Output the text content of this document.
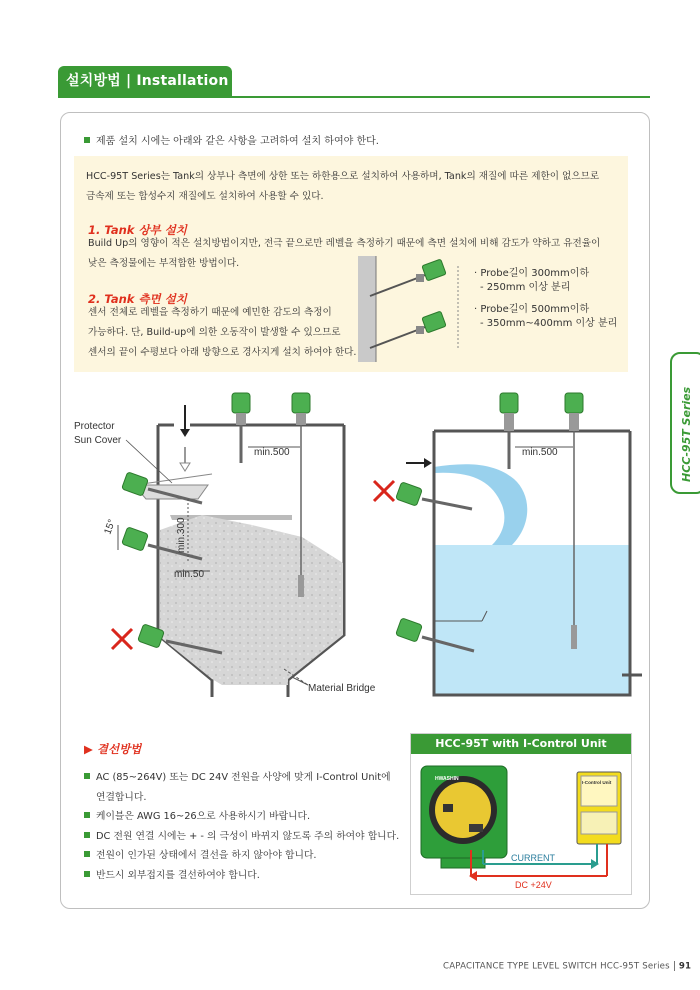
설치방법 | Installation
HCC-95T Series
제품 설치 시에는 아래와 같은 사항을 고려하여 설치 하여야 한다.
HCC-95T Series는 Tank의 상부나 측면에 상한 또는 하한용으로 설치하여 사용하며, Tank의 재질에 따른 제한이 없으므로
금속제 또는 합성수지 재질에도 설치하여 사용할 수 있다.
1. Tank 상부 설치
Build Up의 영향이 적은 설치방법이지만, 전극 끝으로만 레벨을 측정하기 때문에 측면 설치에 비해 감도가 약하고 유전율이
낮은 측정물에는 부적합한 방법이다.
2. Tank 측면 설치
센서 전체로 레벨을 측정하기 때문에 예민한 감도의 측정이
가능하다. 단, Build-up에 의한 오동작이 발생할 수 있으므로
센서의 끝이 수평보다 아래 방향으로 경사지게 설치 하여야 한다.
· Probe길이 300mm이하
- 250mm 이상 분리
· Probe길이 500mm이하
- 350mm~400mm 이상 분리
Protector
Sun Cover
min.500	min.500
min.300
min.50
15°
Material Bridge
▶ 결선방법
AC (85~264V) 또는 DC 24V 전원을 사양에 맞게 I-Control Unit에
연결합니다.
케이블은 AWG 16~26으로 사용하시기 바랍니다.
DC 전원 연결 시에는 + - 의 극성이 바뀌지 않도록 주의 하여야 합니다.
전원이 인가된 상태에서 결선을 하지 않아야 합니다.
반드시 외부접지를 결선하여야 합니다.
HCC-95T with I-Control Unit
HWASHIN
I-Control Unit
CURRENT
DC +24V
CAPACITANCE TYPE LEVEL SWITCH HCC-95T Series 91
